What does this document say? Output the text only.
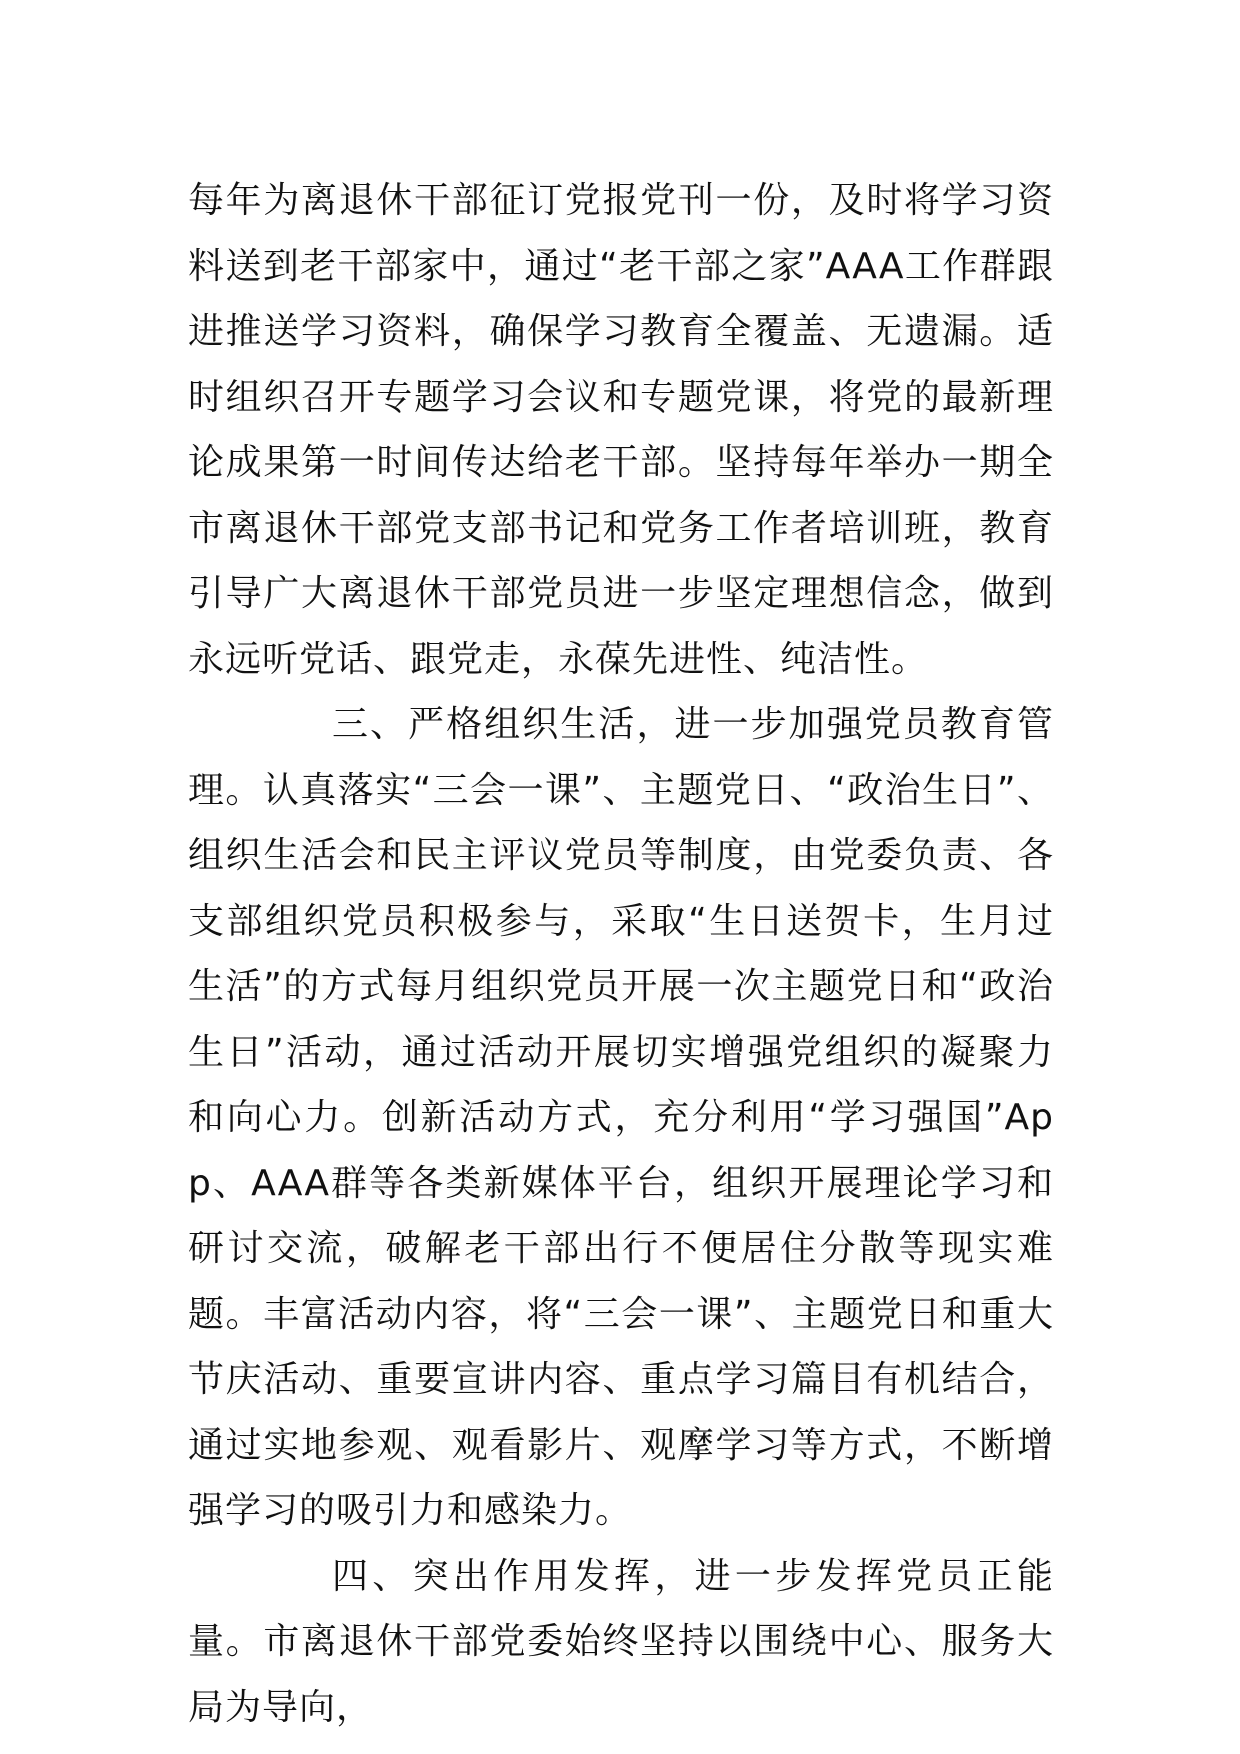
每年为离退休干部征订党报党刊一份，及时将学习资料送到老干部家中，通过“老干部之家”AAA工作群跟进推送学习资料，确保学习教育全覆盖、无遗漏。适时组织召开专题学习会议和专题党课，将党的最新理论成果第一时间传达给老干部。坚持每年举办一期全市离退休干部党支部书记和党务工作者培训班，教育引导广大离退休干部党员进一步坚定理想信念，做到永远听党话、跟党走，永葆先进性、纯洁性。

三、严格组织生活，进一步加强党员教育管理。认真落实“三会一课”、主题党日、“政治生日”、组织生活会和民主评议党员等制度，由党委负责、各支部组织党员积极参与，采取“生日送贺卡，生月过生活”的方式每月组织党员开展一次主题党日和“政治生日”活动，通过活动开展切实增强党组织的凝聚力和向心力。创新活动方式，充分利用“学习强国”App、AAA群等各类新媒体平台，组织开展理论学习和研讨交流，破解老干部出行不便居住分散等现实难题。丰富活动内容，将“三会一课”、主题党日和重大节庆活动、重要宣讲内容、重点学习篇目有机结合，通过实地参观、观看影片、观摩学习等方式，不断增强学习的吸引力和感染力。

四、突出作用发挥，进一步发挥党员正能量。市离退休干部党委始终坚持以围绕中心、服务大局为导向，
